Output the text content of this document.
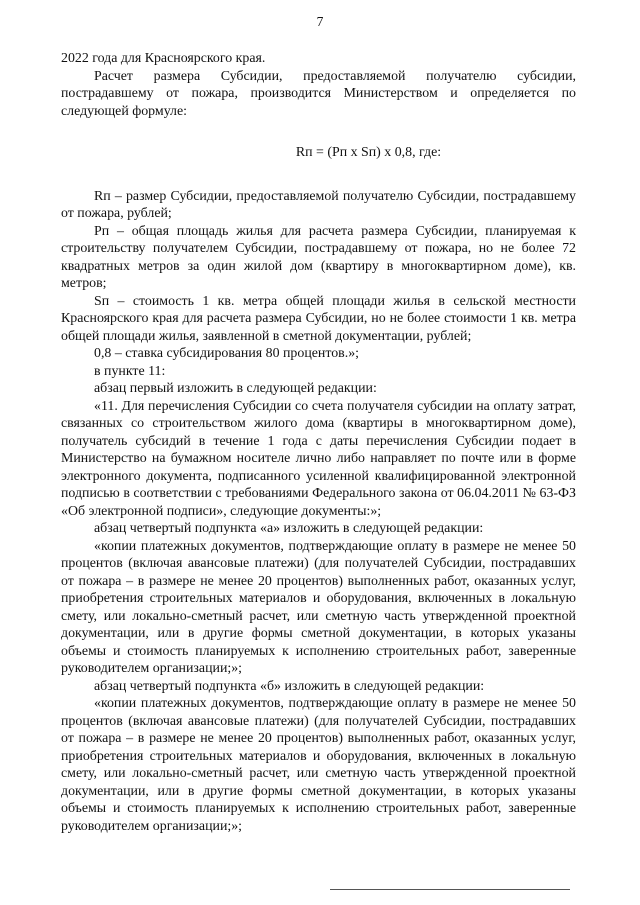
7

2022 года для Красноярского края.

Расчет размера Субсидии, предоставляемой получателю субсидии, пострадавшему от пожара, производится Министерством и определяется по следующей формуле:

Rп = (Pп x Sп) x 0,8, где:

Rп – размер Субсидии, предоставляемой получателю Субсидии, пострадавшему от пожара, рублей;

Pп – общая площадь жилья для расчета размера Субсидии, планируемая к строительству получателем Субсидии, пострадавшему от пожара, но не более 72 квадратных метров за один жилой дом (квартиру в многоквартирном доме), кв. метров;

Sп – стоимость 1 кв. метра общей площади жилья в сельской местности Красноярского края для расчета размера Субсидии, но не более стоимости 1 кв. метра общей площади жилья, заявленной в сметной документации, рублей;

0,8 – ставка субсидирования 80 процентов.»;

в пункте 11:

абзац первый изложить в следующей редакции:

«11. Для перечисления Субсидии со счета получателя субсидии на оплату затрат, связанных со строительством жилого дома (квартиры в многоквартирном доме), получатель субсидий в течение 1 года с даты перечисления Субсидии подает в Министерство на бумажном носителе лично либо направляет по почте или в форме электронного документа, подписанного усиленной квалифицированной электронной подписью в соответствии с требованиями Федерального закона от 06.04.2011 № 63-ФЗ «Об электронной подписи», следующие документы:»;

абзац четвертый подпункта «а» изложить в следующей редакции:

«копии платежных документов, подтверждающие оплату в размере не менее 50 процентов (включая авансовые платежи) (для получателей Субсидии, пострадавших от пожара – в размере не менее 20 процентов) выполненных работ, оказанных услуг, приобретения строительных материалов и оборудования, включенных в локальную смету, или локально-сметный расчет, или сметную часть утвержденной проектной документации, или в другие формы сметной документации, в которых указаны объемы и стоимость планируемых к исполнению строительных работ, заверенные руководителем организации;»;

абзац четвертый подпункта «б» изложить в следующей редакции:

«копии платежных документов, подтверждающие оплату в размере не менее 50 процентов (включая авансовые платежи) (для получателей Субсидии, пострадавших от пожара – в размере не менее 20 процентов) выполненных работ, оказанных услуг, приобретения строительных материалов и оборудования, включенных в локальную смету, или локально-сметный расчет, или сметную часть утвержденной проектной документации, или в другие формы сметной документации, в которых указаны объемы и стоимость планируемых к исполнению строительных работ, заверенные руководителем организации;»;
